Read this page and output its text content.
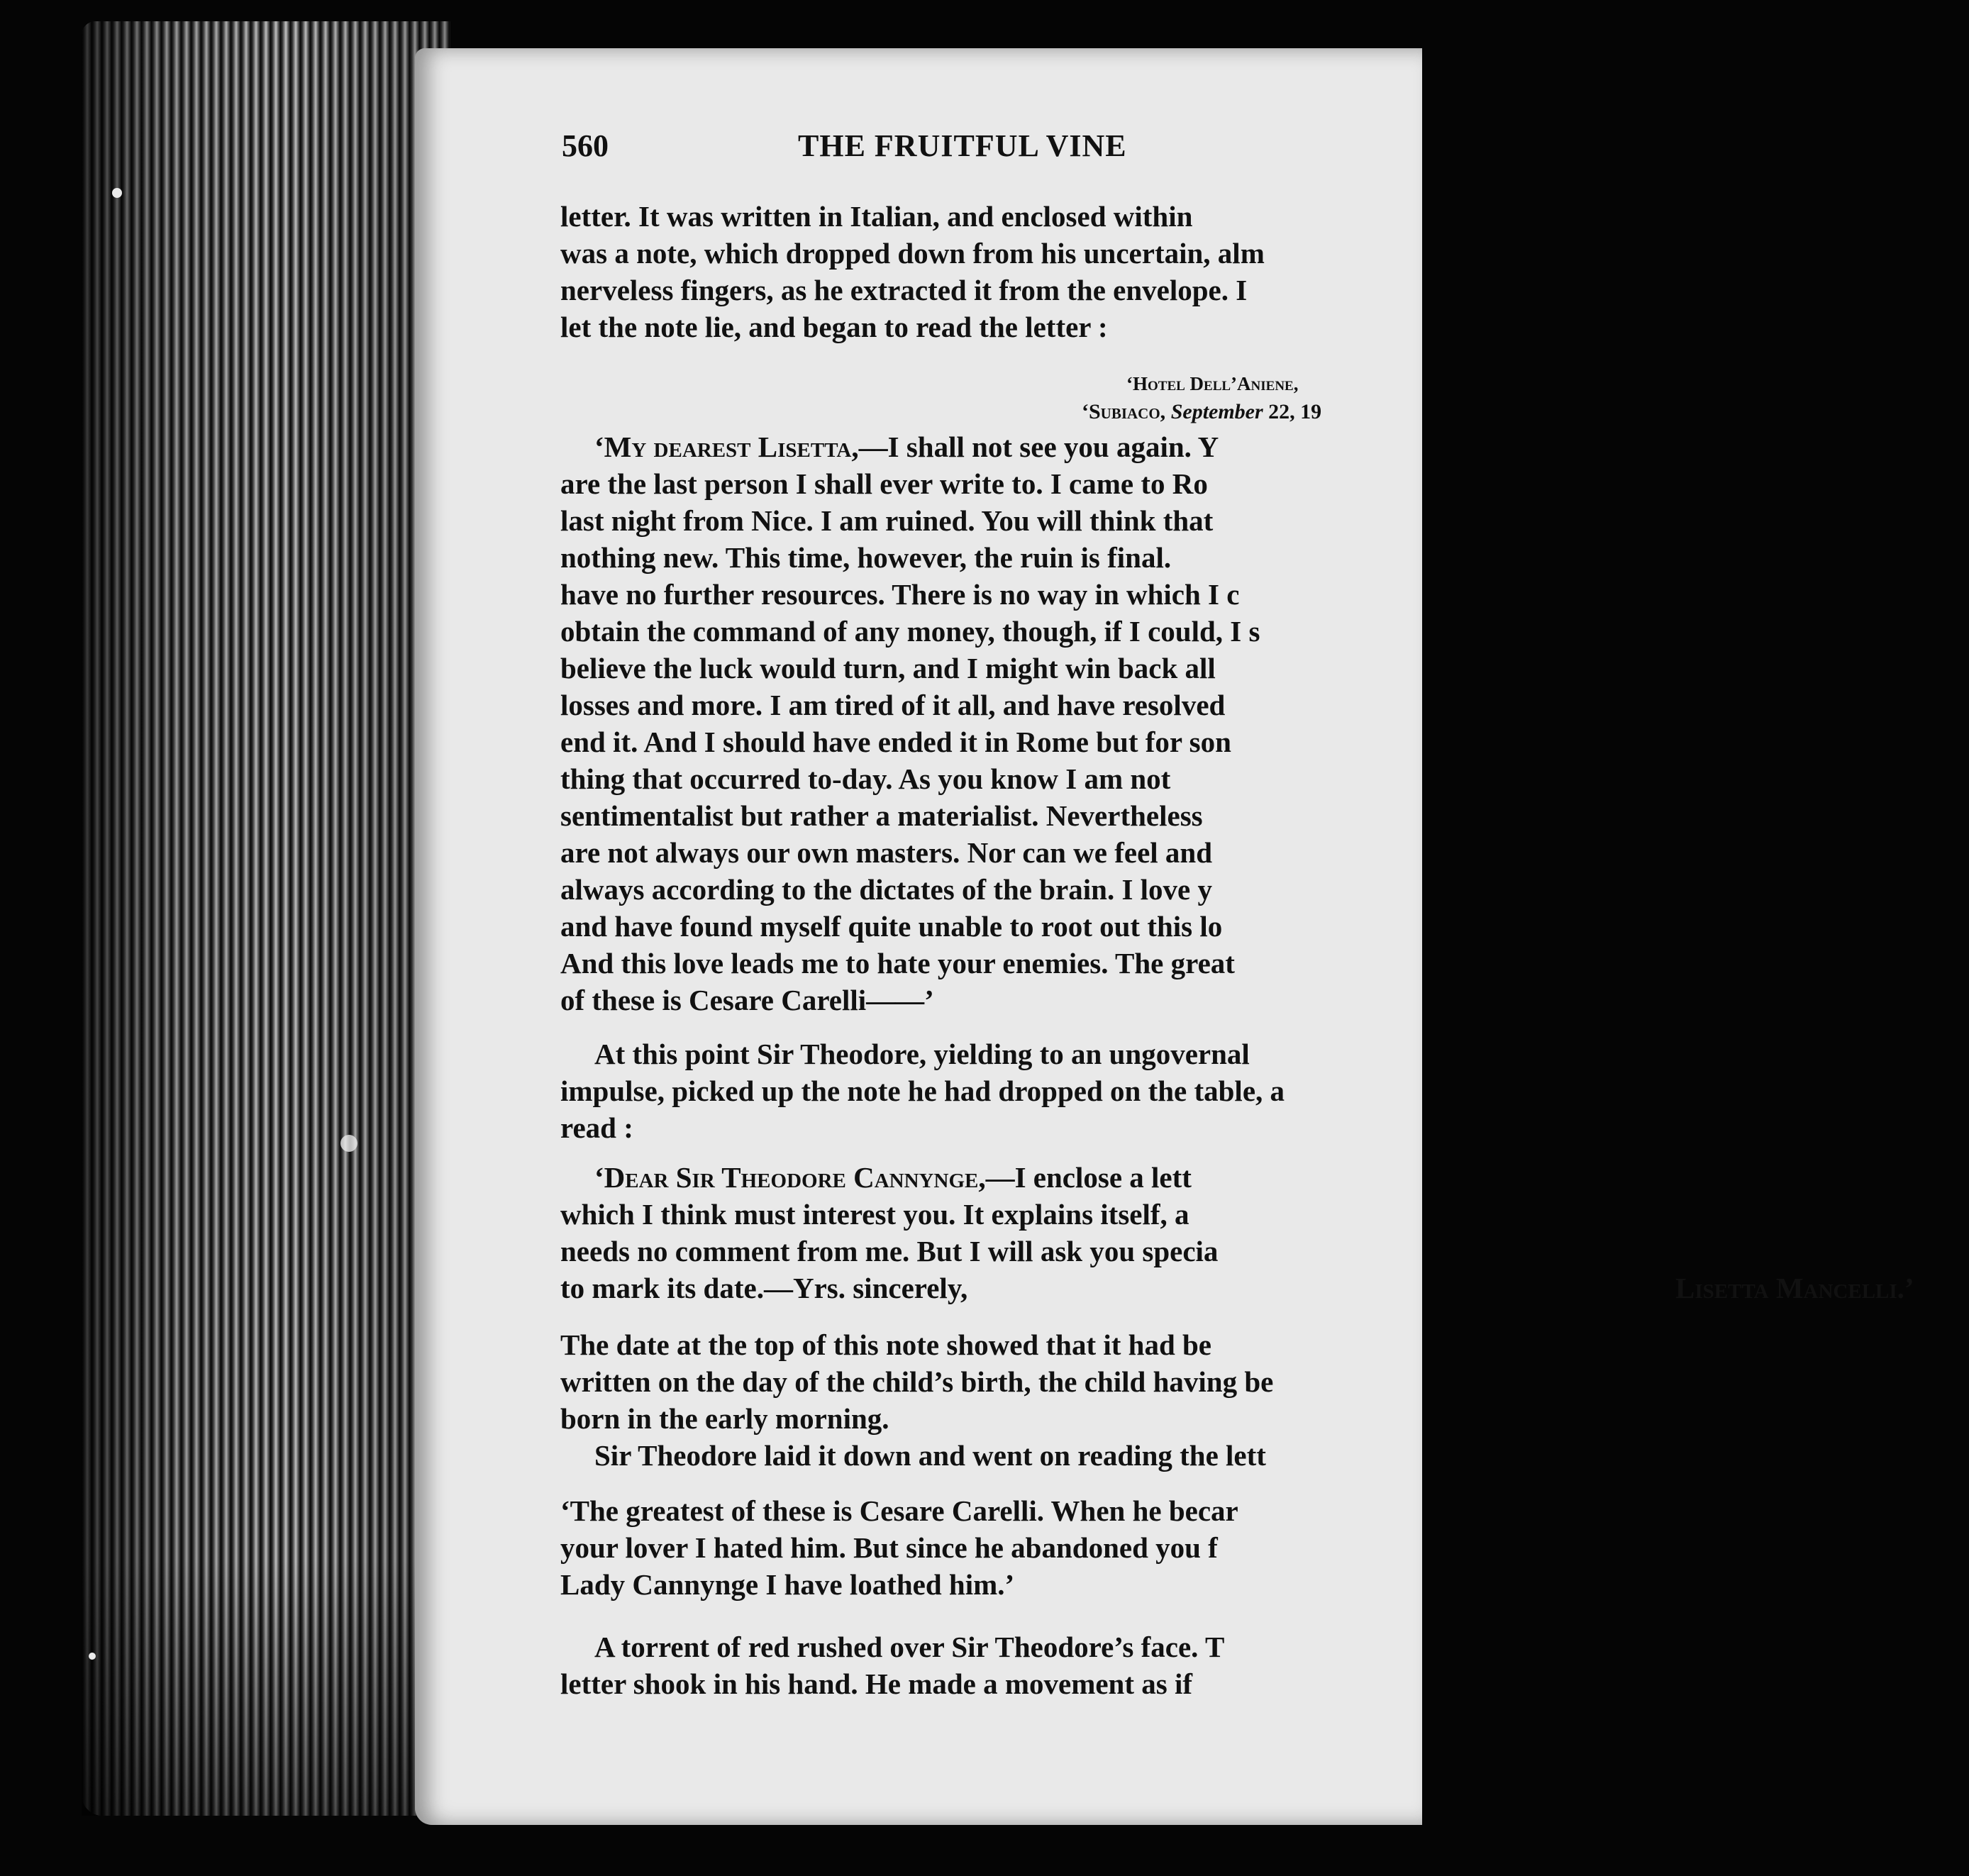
560	THE FRUITFUL VINE
letter. It was written in Italian, and enclosed within
was a note, which dropped down from his uncertain, alm
nerveless fingers, as he extracted it from the envelope. I
let the note lie, and began to read the letter :
‘Hotel Dell’Aniene,
‘Subiaco, September 22, 19
‘My dearest Lisetta,—I shall not see you again. Y
are the last person I shall ever write to. I came to Ro
last night from Nice. I am ruined. You will think that
nothing new. This time, however, the ruin is final.
have no further resources. There is no way in which I c
obtain the command of any money, though, if I could, I s
believe the luck would turn, and I might win back all
losses and more. I am tired of it all, and have resolved
end it. And I should have ended it in Rome but for son
thing that occurred to-day. As you know I am not
sentimentalist but rather a materialist. Nevertheless
are not always our own masters. Nor can we feel and
always according to the dictates of the brain. I love y
and have found myself quite unable to root out this lo
And this love leads me to hate your enemies. The great
of these is Cesare Carelli——’
At this point Sir Theodore, yielding to an ungovernal
impulse, picked up the note he had dropped on the table, a
read :
‘Dear Sir Theodore Cannynge,—I enclose a lett
which I think must interest you. It explains itself, a
needs no comment from me. But I will ask you specia
to mark its date.—Yrs. sincerely,	Lisetta Mancelli.’
The date at the top of this note showed that it had be
written on the day of the child’s birth, the child having be
born in the early morning.
Sir Theodore laid it down and went on reading the lett
‘The greatest of these is Cesare Carelli. When he becar
your lover I hated him. But since he abandoned you f
Lady Cannynge I have loathed him.’
A torrent of red rushed over Sir Theodore’s face. T
letter shook in his hand. He made a movement as if
